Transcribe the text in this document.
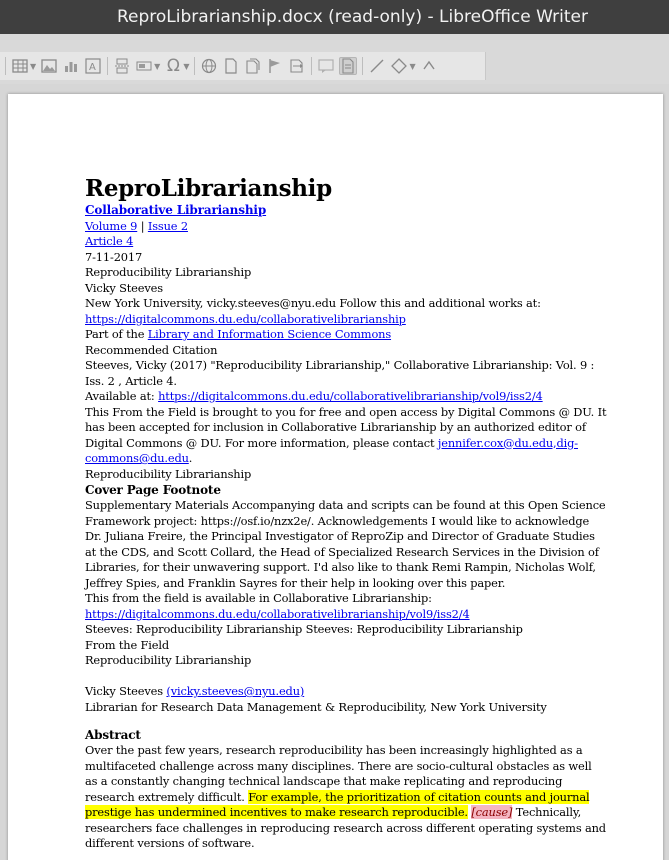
ReproLibrarianship.docx (read-only) - LibreOffice Writer
▼	A	▼ Ω ▼	▼
ReproLibrarianship
Collaborative Librarianship
Volume 9 | Issue 2
Article 4
7-11-2017
Reproducibility Librarianship
Vicky Steeves
New York University, vicky.steeves@nyu.edu Follow this and additional works at:
https://digitalcommons.du.edu/collaborativelibrarianship
Part of the Library and Information Science Commons
Recommended Citation
Steeves, Vicky (2017) "Reproducibility Librarianship," Collaborative Librarianship: Vol. 9 :
Iss. 2 , Article 4.
Available at: https://digitalcommons.du.edu/collaborativelibrarianship/vol9/iss2/4
This From the Field is brought to you for free and open access by Digital Commons @ DU. It
has been accepted for inclusion in Collaborative Librarianship by an authorized editor of
Digital Commons @ DU. For more information, please contact jennifer.cox@du.edu,dig-
commons@du.edu.
Reproducibility Librarianship
Cover Page Footnote
Supplementary Materials Accompanying data and scripts can be found at this Open Science
Framework project: https://osf.io/nzx2e/. Acknowledgements I would like to acknowledge
Dr. Juliana Freire, the Principal Investigator of ReproZip and Director of Graduate Studies
at the CDS, and Scott Collard, the Head of Specialized Research Services in the Division of
Libraries, for their unwavering support. I'd also like to thank Remi Rampin, Nicholas Wolf,
Jeffrey Spies, and Franklin Sayres for their help in looking over this paper.
This from the field is available in Collaborative Librarianship:
https://digitalcommons.du.edu/collaborativelibrarianship/vol9/iss2/4
Steeves: Reproducibility Librarianship Steeves: Reproducibility Librarianship
From the Field
Reproducibility Librarianship
Vicky Steeves (vicky.steeves@nyu.edu)
Librarian for Research Data Management & Reproducibility, New York University
Abstract
Over the past few years, research reproducibility has been increasingly highlighted as a
multifaceted challenge across many disciplines. There are socio-cultural obstacles as well
as a constantly changing technical landscape that make replicating and reproducing
research extremely difficult. For example, the prioritization of citation counts and journal
prestige has undermined incentives to make research reproducible. [cause] Technically,
researchers face challenges in reproducing research across different operating systems and
different versions of software.
